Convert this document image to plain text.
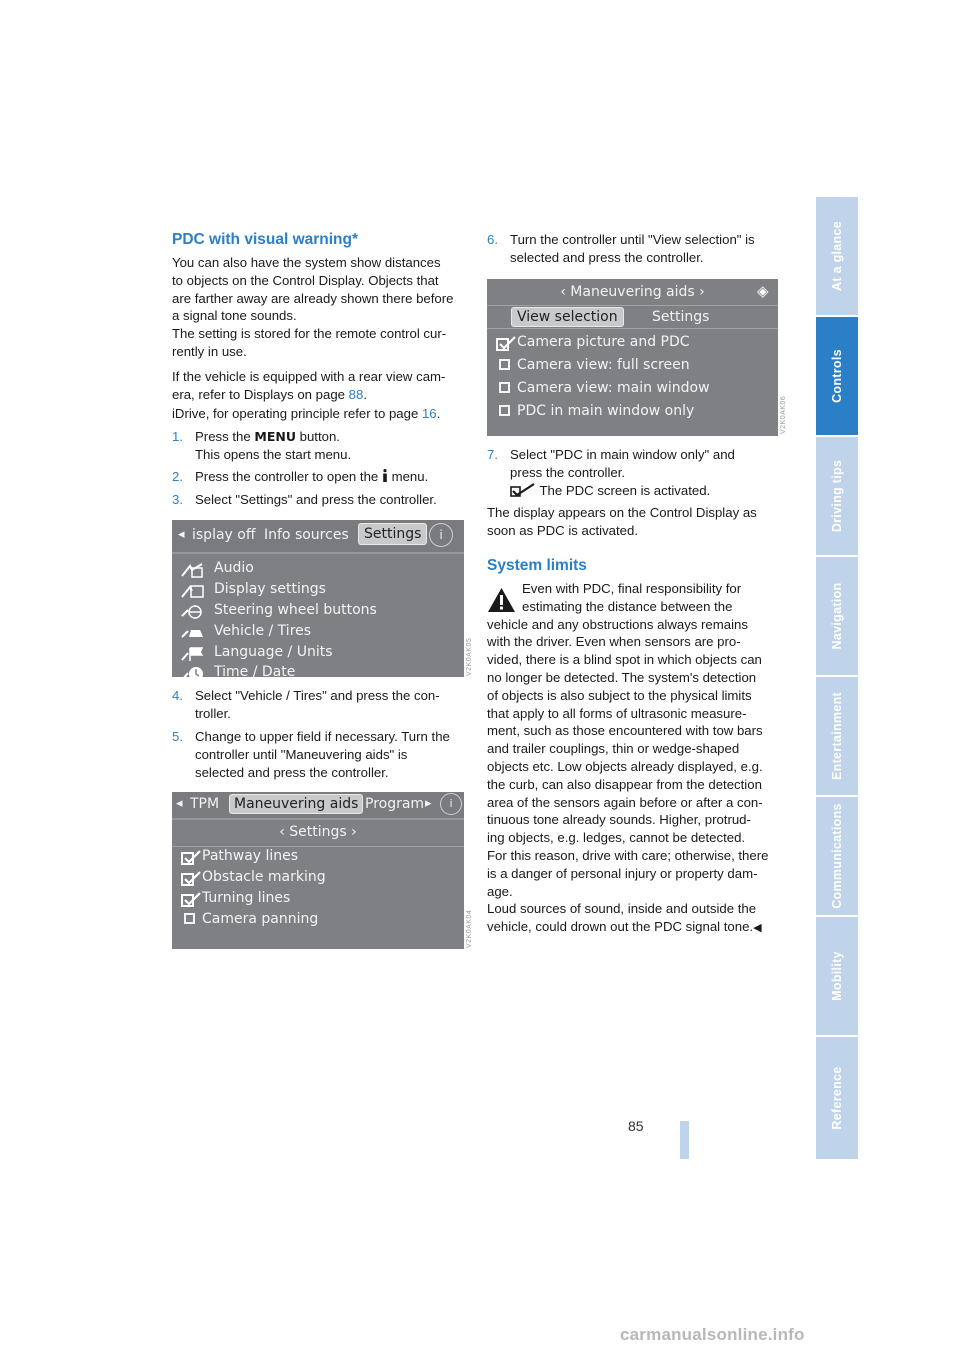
PDC with visual warning*
You can also have the system show distances
to objects on the Control Display. Objects that
are farther away are already shown there before
a signal tone sounds.
The setting is stored for the remote control cur-
rently in use.
If the vehicle is equipped with a rear view cam-
era, refer to Displays on page 88.
iDrive, for operating principle refer to page 16.
1. Press the MENU button.
This opens the start menu.
2. Press the controller to open the  menu.
3. Select "Settings" and press the controller.
◂ isplay off Info sources	Settings	i
Audio
Display settings
Steering wheel buttons
Vehicle / Tires
Language / Units
Time / Date	V2K0AK05
4. Select "Vehicle / Tires" and press the con-
troller.
5. Change to upper field if necessary. Turn the
controller until "Maneuvering aids" is
selected and press the controller.
◂ TPM	Maneuvering aids Program ▸	i
‹ Settings ›
Pathway lines
Obstacle marking
Turning lines
Camera panning	V2K0AK04
6. Turn the controller until "View selection" is
selected and press the controller.
‹ Maneuvering aids ›	◈
View selection	Settings
Camera picture and PDC
Camera view: full screen
Camera view: main window
PDC in main window only	V2K0AK06
7. Select "PDC in main window only" and
press the controller.
The PDC screen is activated.
The display appears on the Control Display as
soon as PDC is activated.
System limits
Even with PDC, final responsibility for
estimating the distance between the
vehicle and any obstructions always remains
with the driver. Even when sensors are pro-
vided, there is a blind spot in which objects can
no longer be detected. The system's detection
of objects is also subject to the physical limits
that apply to all forms of ultrasonic measure-
ment, such as those encountered with tow bars
and trailer couplings, thin or wedge-shaped
objects etc. Low objects already displayed, e.g.
the curb, can also disappear from the detection
area of the sensors again before or after a con-
tinuous tone already sounds. Higher, protrud-
ing objects, e.g. ledges, cannot be detected.
For this reason, drive with care; otherwise, there
is a danger of personal injury or property dam-
age.
Loud sources of sound, inside and outside the
vehicle, could drown out the PDC signal tone.◀
At a glance
Controls
Driving tips
Navigation
Entertainment
Communications
Mobility
Reference
85
carmanualsonline.info
